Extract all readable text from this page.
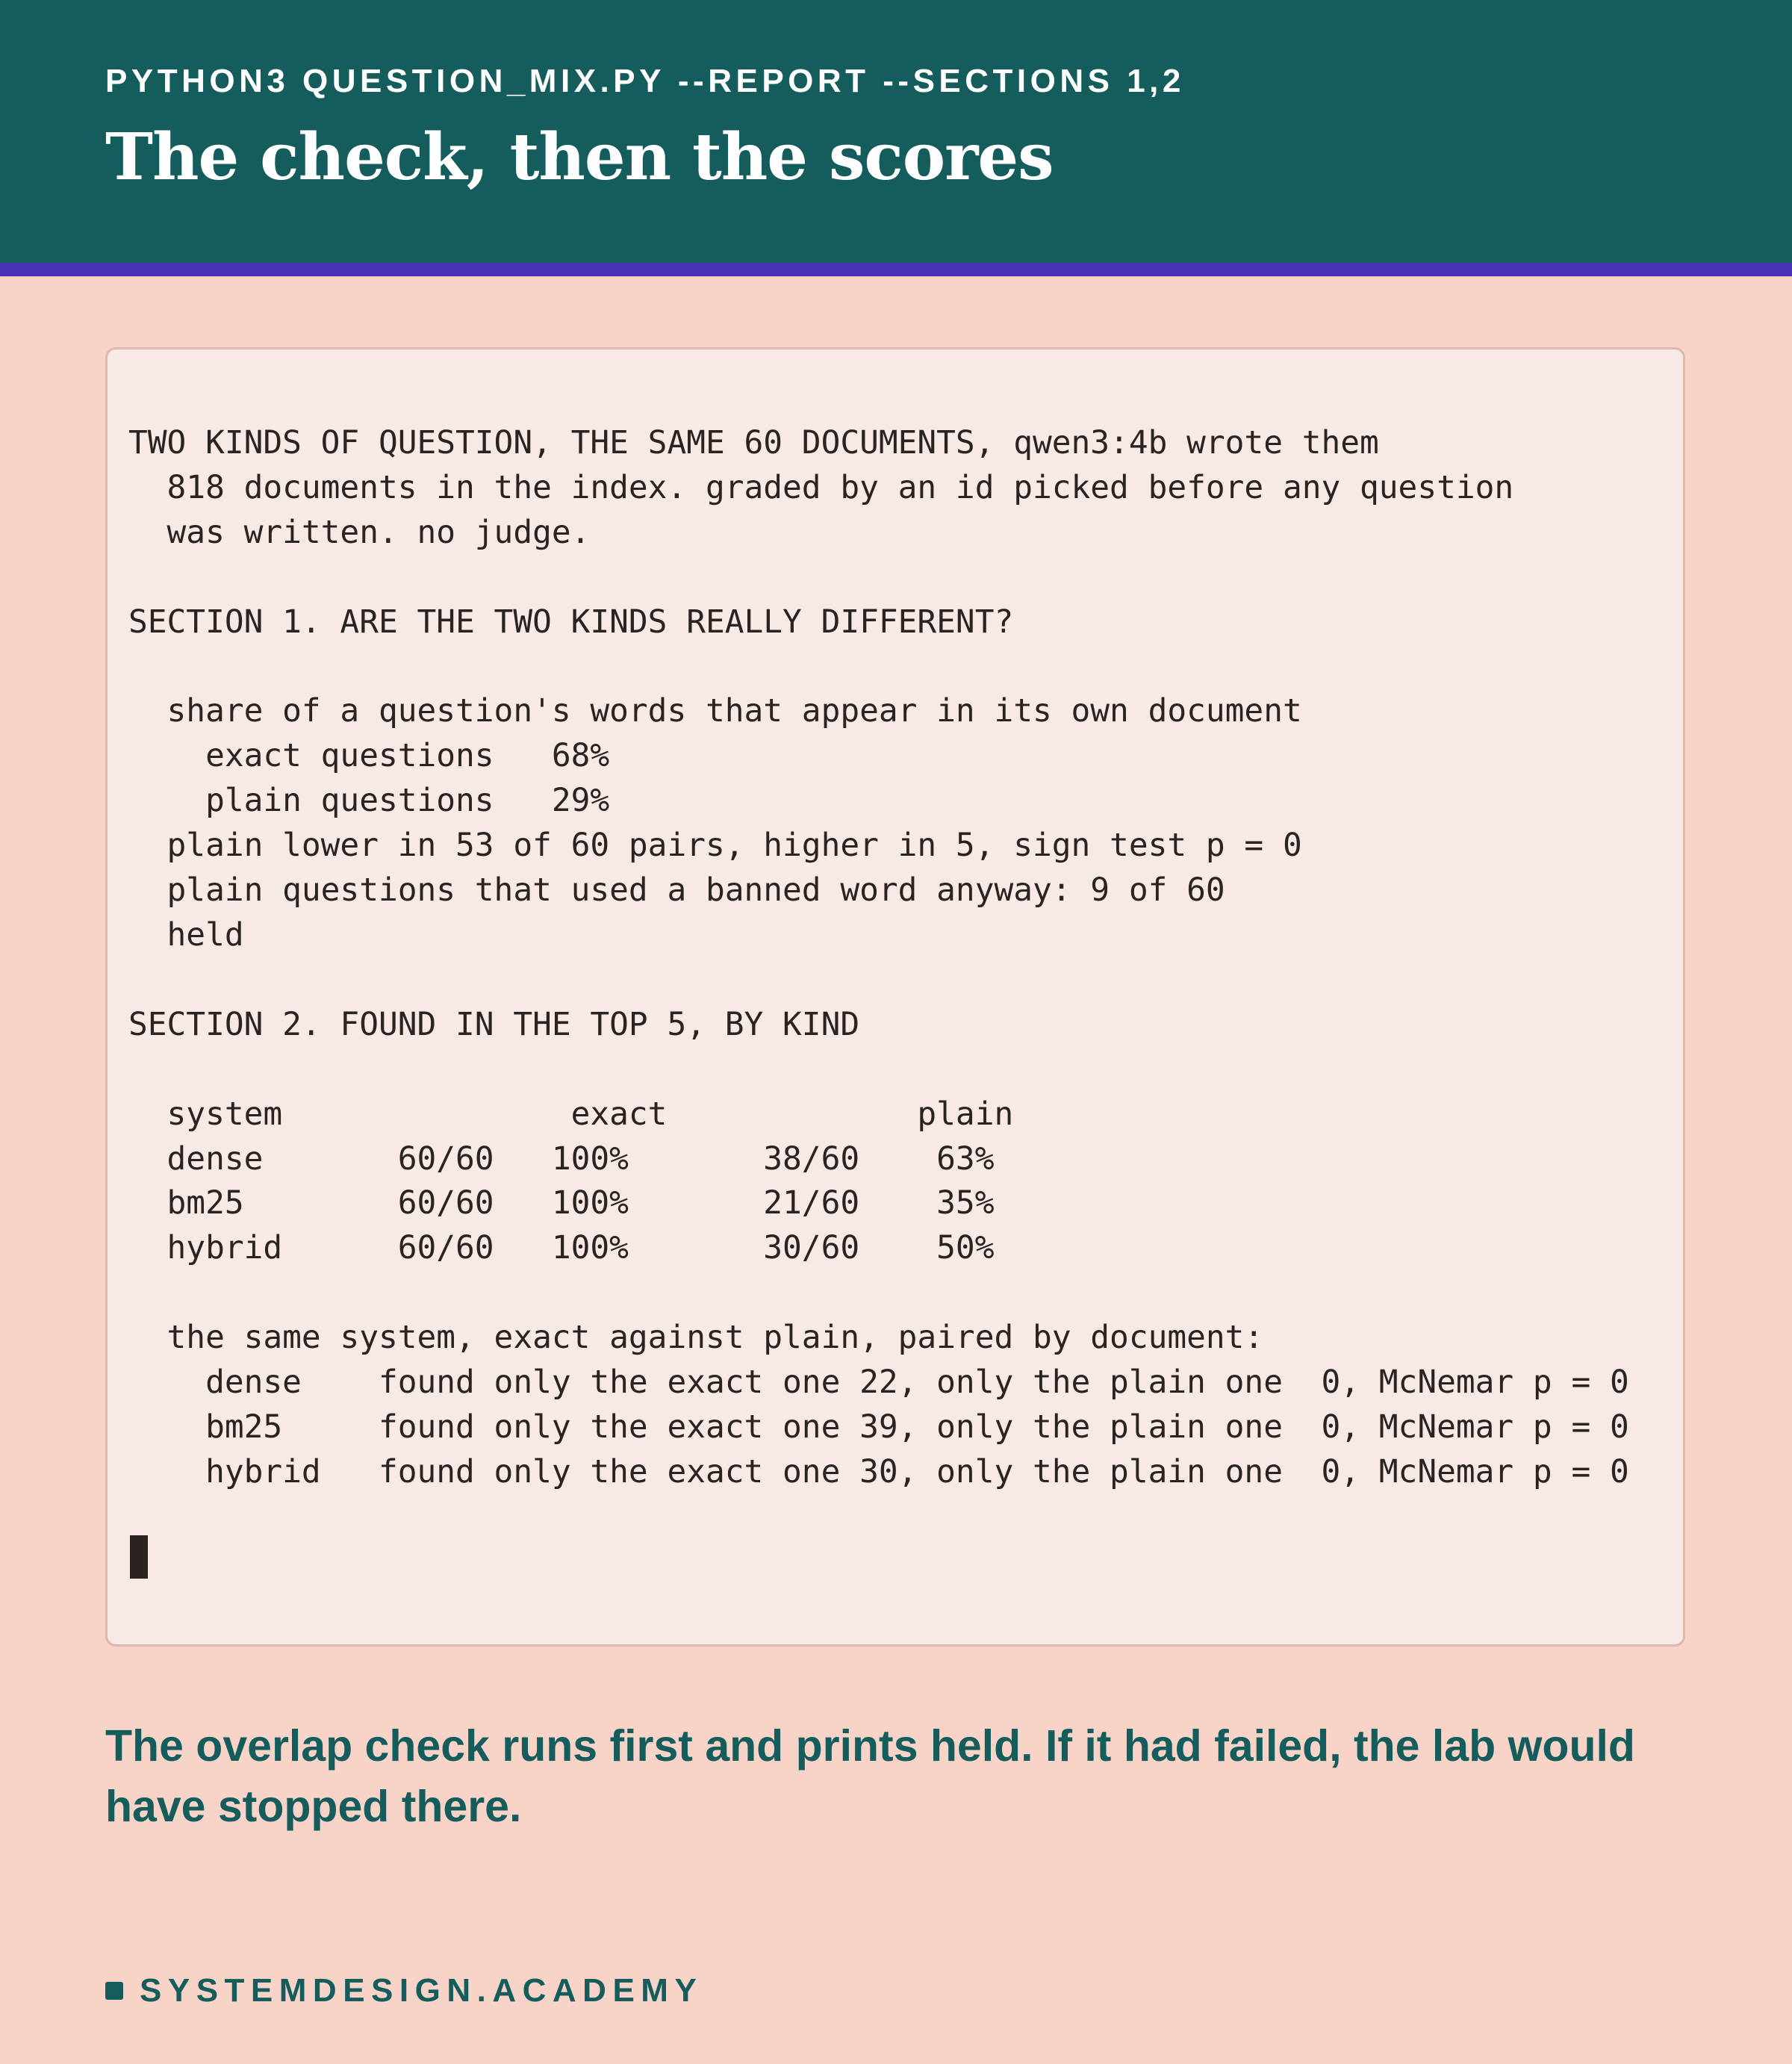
PYTHON3 QUESTION_MIX.PY --REPORT --SECTIONS 1,2
The check, then the scores
TWO KINDS OF QUESTION, THE SAME 60 DOCUMENTS, qwen3:4b wrote them
818 documents in the index. graded by an id picked before any question
was written. no judge.

SECTION 1. ARE THE TWO KINDS REALLY DIFFERENT?

share of a question's words that appear in its own document
exact questions   68%
plain questions   29%
plain lower in 53 of 60 pairs, higher in 5, sign test p = 0
plain questions that used a banned word anyway: 9 of 60
held

SECTION 2. FOUND IN THE TOP 5, BY KIND

system               exact             plain
dense       60/60   100%       38/60    63%
bm25        60/60   100%       21/60    35%
hybrid      60/60   100%       30/60    50%

the same system, exact against plain, paired by document:
dense    found only the exact one 22, only the plain one  0, McNemar p = 0
bm25     found only the exact one 39, only the plain one  0, McNemar p = 0
hybrid   found only the exact one 30, only the plain one  0, McNemar p = 0
The overlap check runs first and prints held. If it had failed, the lab would have stopped there.
SYSTEMDESIGN.ACADEMY
